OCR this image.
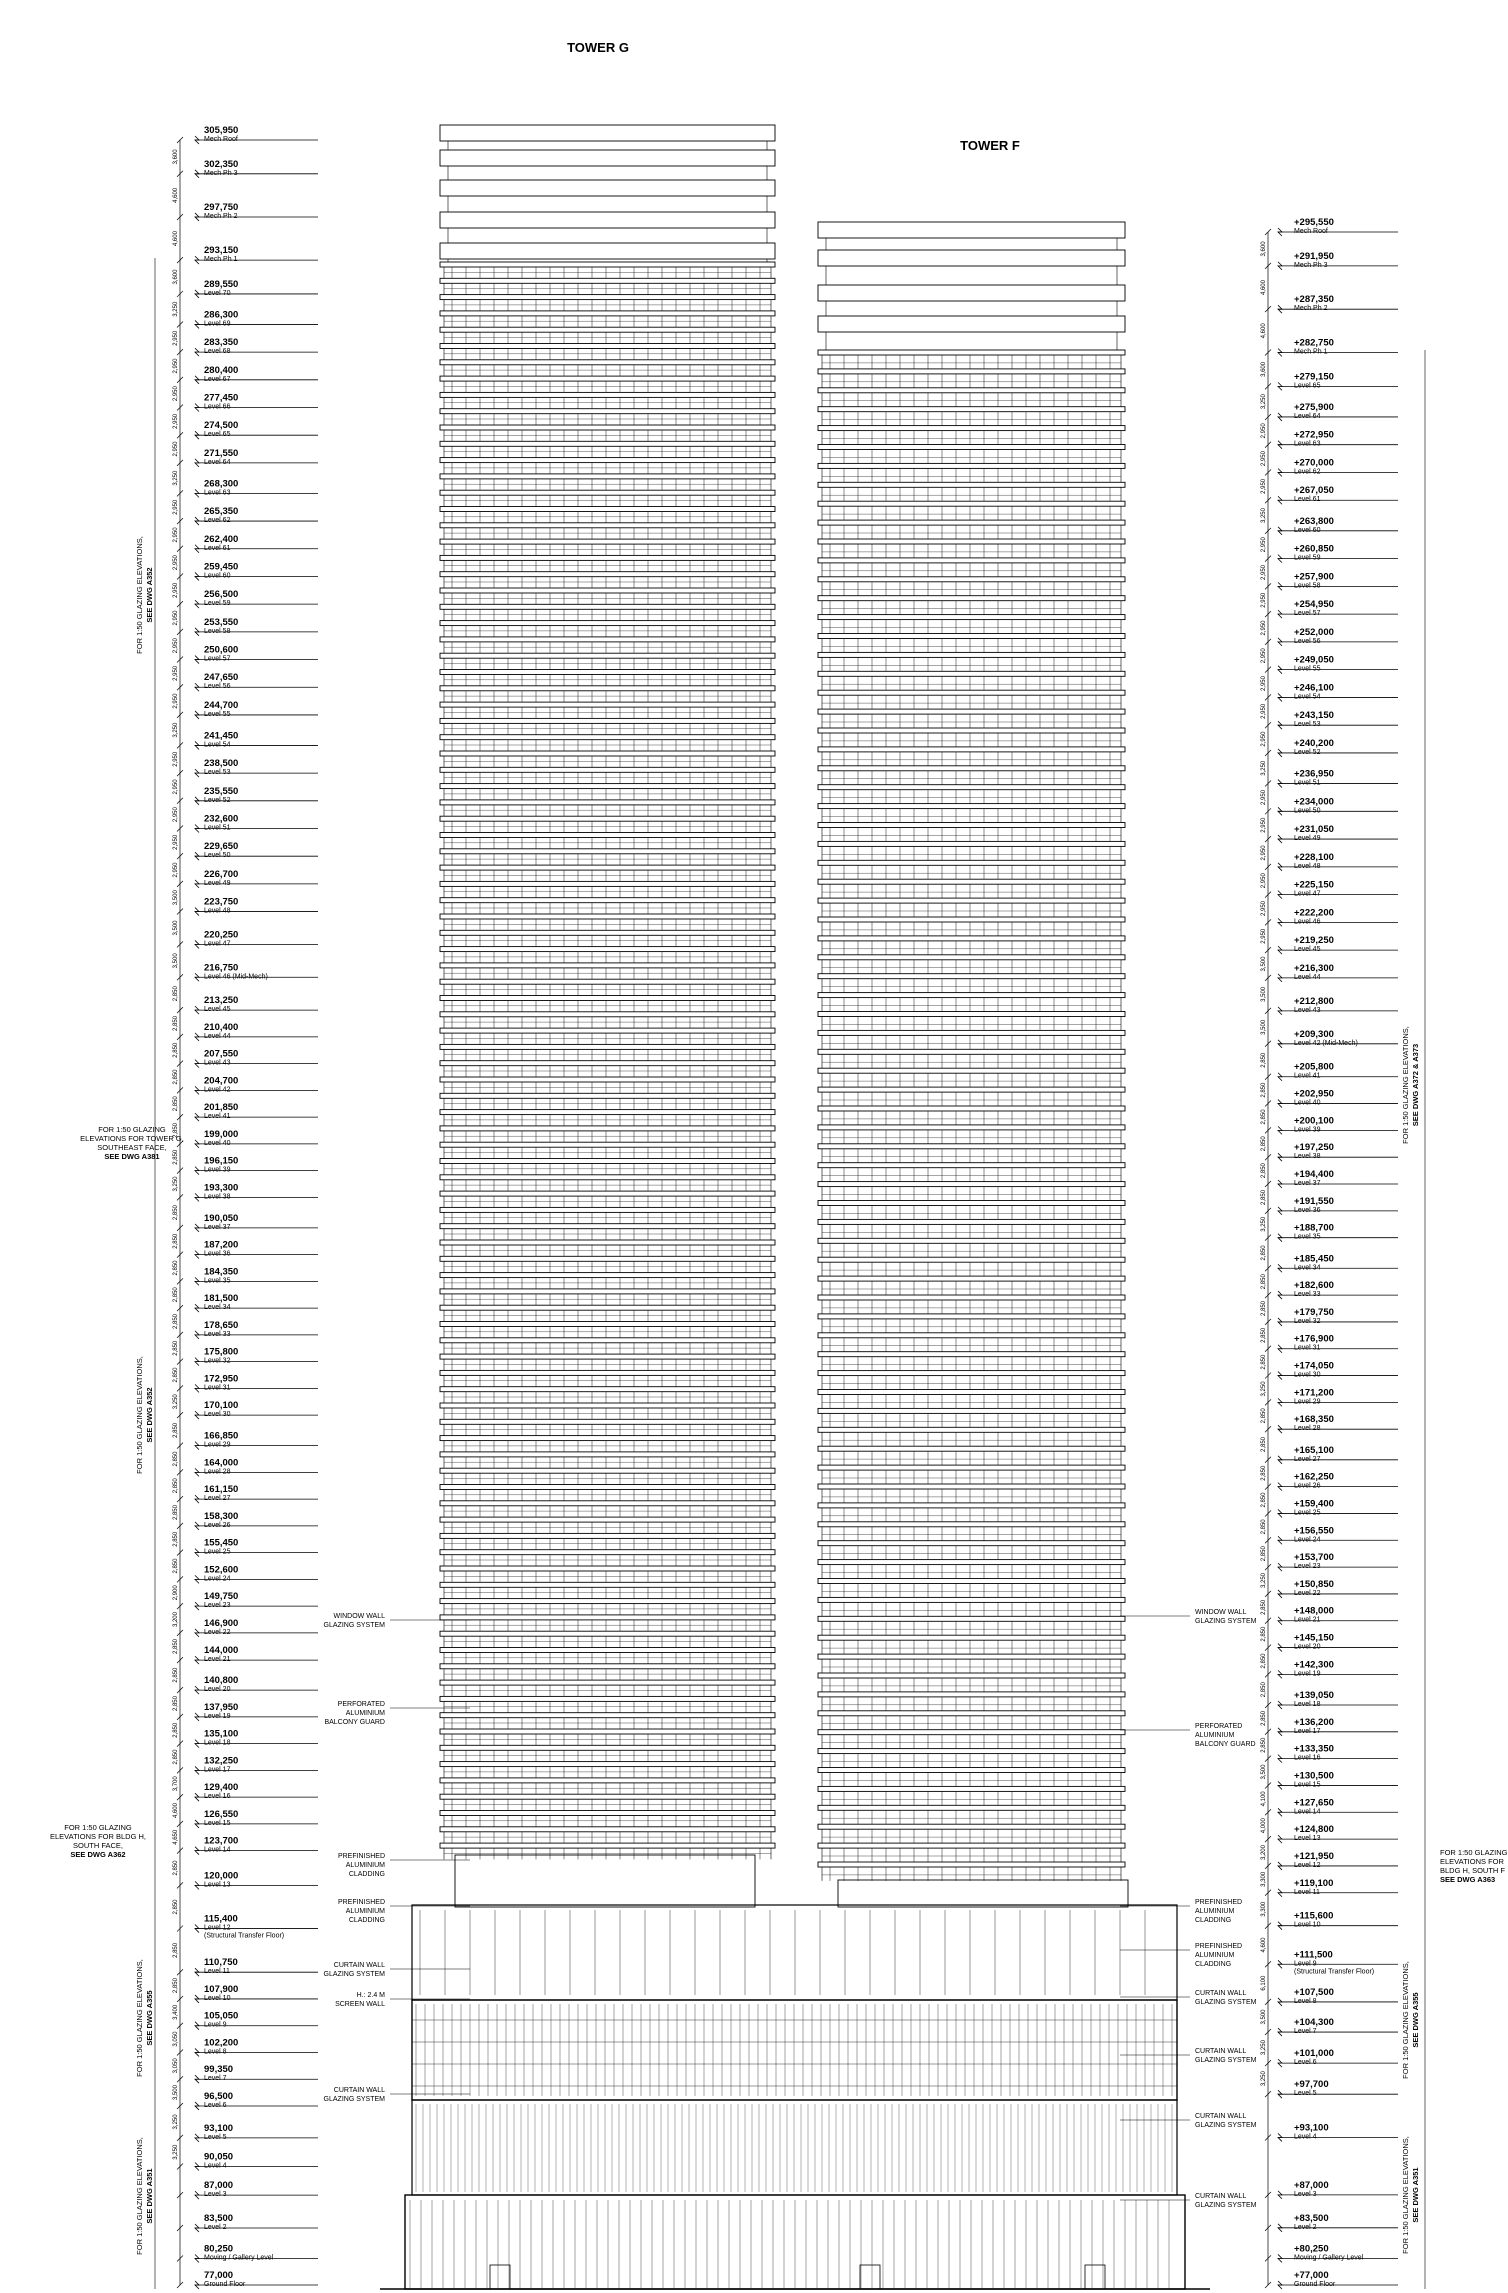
TOWER G
TOWER F
305,950
Mech Roof
302,350
Mech Ph 3
297,750
Mech Ph 2
293,150
Mech Ph 1
289,550
Level 70
286,300
Level 69
283,350
Level 68
280,400
Level 67
277,450
Level 66
274,500
Level 65
271,550
Level 64
268,300
Level 63
265,350
Level 62
262,400
Level 61
259,450
Level 60
256,500
Level 59
253,550
Level 58
250,600
Level 57
247,650
Level 56
244,700
Level 55
241,450
Level 54
238,500
Level 53
235,550
Level 52
232,600
Level 51
229,650
Level 50
226,700
Level 49
223,750
Level 48
220,250
Level 47
216,750
Level 46 (Mid-Mech)
213,250
Level 45
210,400
Level 44
207,550
Level 43
204,700
Level 42
201,850
Level 41
199,000
Level 40
196,150
Level 39
193,300
Level 38
190,050
Level 37
187,200
Level 36
184,350
Level 35
181,500
Level 34
178,650
Level 33
175,800
Level 32
172,950
Level 31
170,100
Level 30
166,850
Level 29
164,000
Level 28
161,150
Level 27
158,300
Level 26
155,450
Level 25
152,600
Level 24
149,750
Level 23
146,900
Level 22
144,000
Level 21
140,800
Level 20
137,950
Level 19
135,100
Level 18
132,250
Level 17
129,400
Level 16
126,550
Level 15
123,700
Level 14
120,000
Level 13
115,400
Level 12
110,750
Level 11
107,900
Level 10
105,050
Level 9
102,200
Level 8
99,350
Level 7
96,500
Level 6
93,100
Level 5
90,050
Level 4
87,000
Level 3
83,500
Level 2
80,250
Moving / Gallery Level
77,000
Ground Floor
(Structural Transfer Floor)
+295,550
Mech Roof
+291,950
Mech Ph 3
+287,350
Mech Ph 2
+282,750
Mech Ph 1
+279,150
Level 65
+275,900
Level 64
+272,950
Level 63
+270,000
Level 62
+267,050
Level 61
+263,800
Level 60
+260,850
Level 59
+257,900
Level 58
+254,950
Level 57
+252,000
Level 56
+249,050
Level 55
+246,100
Level 54
+243,150
Level 53
+240,200
Level 52
+236,950
Level 51
+234,000
Level 50
+231,050
Level 49
+228,100
Level 48
+225,150
Level 47
+222,200
Level 46
+219,250
Level 45
+216,300
Level 44
+212,800
Level 43
+209,300
Level 42 (Mid-Mech)
+205,800
Level 41
+202,950
Level 40
+200,100
Level 39
+197,250
Level 38
+194,400
Level 37
+191,550
Level 36
+188,700
Level 35
+185,450
Level 34
+182,600
Level 33
+179,750
Level 32
+176,900
Level 31
+174,050
Level 30
+171,200
Level 29
+168,350
Level 28
+165,100
Level 27
+162,250
Level 26
+159,400
Level 25
+156,550
Level 24
+153,700
Level 23
+150,850
Level 22
+148,000
Level 21
+145,150
Level 20
+142,300
Level 19
+139,050
Level 18
+136,200
Level 17
+133,350
Level 16
+130,500
Level 15
+127,650
Level 14
+124,800
Level 13
+121,950
Level 12
+119,100
Level 11
+115,600
Level 10
+111,500
Level 9
+107,500
Level 8
+104,300
Level 7
+101,000
Level 6
+97,700
Level 5
+93,100
Level 4
+87,000
Level 3
+83,500
Level 2
+80,250
Moving / Gallery Level
+77,000
Ground Floor
(Structural Transfer Floor)
3,600
4,600
4,600
3,600
3,250
2,950
2,950
2,950
2,950
2,950
3,250
2,950
2,950
2,950
2,950
2,950
2,950
2,950
2,950
3,250
2,950
2,950
2,950
2,950
2,950
3,500
3,500
3,500
2,850
2,850
2,850
2,850
2,850
2,850
2,850
3,250
2,850
2,850
2,850
2,850
2,850
2,850
2,850
3,250
2,850
2,850
2,850
2,850
2,850
2,850
2,900
3,200
2,850
2,850
2,850
2,850
2,850
3,700
4,600
4,650
2,850
2,850
2,850
2,850
3,400
3,050
3,050
3,500
3,250
3,250
3,600
4,600
4,600
3,600
3,250
2,950
2,950
2,950
3,250
2,950
2,950
2,950
2,950
2,950
2,950
2,950
2,950
3,250
2,950
2,950
2,950
2,950
2,950
2,950
3,500
3,500
3,500
2,850
2,850
2,850
2,850
2,850
2,850
3,250
2,850
2,850
2,850
2,850
2,850
3,250
2,850
2,850
2,850
2,850
2,850
2,850
3,250
2,850
2,850
2,850
2,850
2,850
2,850
3,500
4,100
4,000
3,200
3,300
3,300
4,600
6,100
3,500
3,250
3,250
WINDOW WALL
GLAZING SYSTEM
PERFORATED
ALUMINIUM
BALCONY GUARD
PREFINISHED
ALUMINIUM
CLADDING
PREFINISHED
ALUMINIUM
CLADDING
CURTAIN WALL
GLAZING SYSTEM
H.: 2.4 M
SCREEN WALL
CURTAIN WALL
GLAZING SYSTEM
WINDOW WALL
GLAZING SYSTEM
PERFORATED
ALUMINIUM
BALCONY GUARD
PREFINISHED
ALUMINIUM
CLADDING
PREFINISHED
ALUMINIUM
CLADDING
CURTAIN WALL
GLAZING SYSTEM
CURTAIN WALL
GLAZING SYSTEM
CURTAIN WALL
GLAZING SYSTEM
CURTAIN WALL
GLAZING SYSTEM
FOR 1:50 GLAZING ELEVATIONS, SEE DWG A352
FOR 1:50 GLAZING
ELEVATIONS FOR TOWER G,
SOUTHEAST FACE,
SEE DWG A381
FOR 1:50 GLAZING ELEVATIONS, SEE DWG A352
FOR 1:50 GLAZING
ELEVATIONS FOR BLDG H,
SOUTH FACE,
SEE DWG A362
FOR 1:50 GLAZING ELEVATIONS, SEE DWG A355
FOR 1:50 GLAZING ELEVATIONS, SEE DWG A351
FOR 1:50 GLAZING ELEVATIONS, SEE DWG A372 & A373
FOR 1:50 GLAZING
ELEVATIONS FOR
BLDG H, SOUTH F
SEE DWG A363
FOR 1:50 GLAZING ELEVATIONS, SEE DWG A355
FOR 1:50 GLAZING ELEVATIONS, SEE DWG A351
